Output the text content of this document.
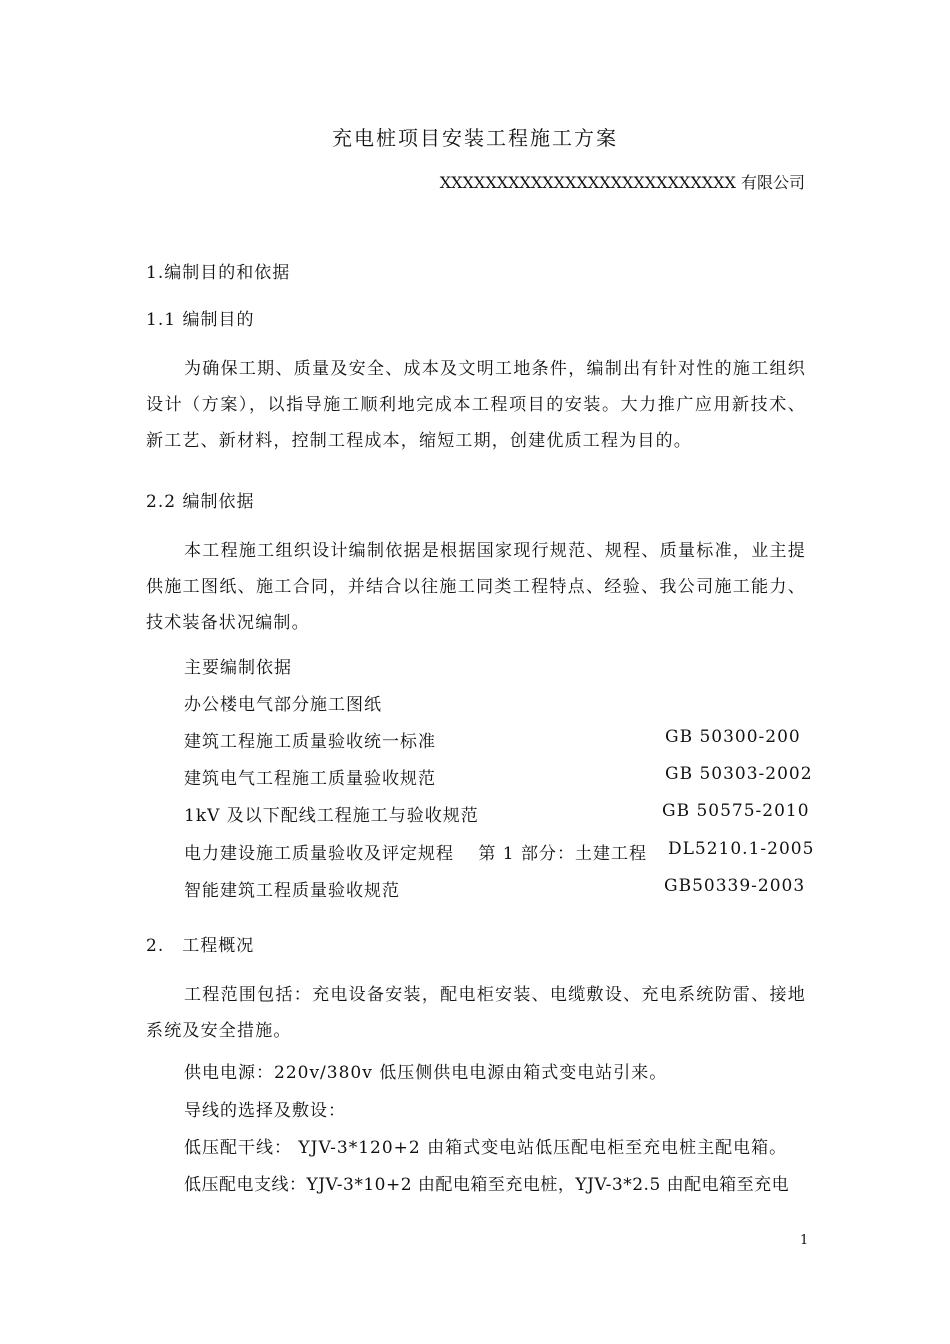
充电桩项目安装工程施工方案
XXXXXXXXXXXXXXXXXXXXXXXXXX 有限公司
1.编制目的和依据
1.1 编制目的
为确保工期、质量及安全、成本及文明工地条件，编制出有针对性的施工组织设计（方案），以指导施工顺利地完成本工程项目的安装。大力推广应用新技术、新工艺、新材料，控制工程成本，缩短工期，创建优质工程为目的。
2.2 编制依据
本工程施工组织设计编制依据是根据国家现行规范、规程、质量标准，业主提供施工图纸、施工合同，并结合以往施工同类工程特点、经验、我公司施工能力、技术装备状况编制。
主要编制依据
办公楼电气部分施工图纸
建筑工程施工质量验收统一标准	GB 50300-200
建筑电气工程施工质量验收规范	GB 50303-2002
1kV 及以下配线工程施工与验收规范	GB 50575-2010
电力建设施工质量验收及评定规程　 第 1 部分：土建工程 DL5210.1-2005
智能建筑工程质量验收规范	GB50339-2003
2.　工程概况
工程范围包括：充电设备安装，配电柜安装、电缆敷设、充电系统防雷、接地系统及安全措施。
供电电源：220v/380v 低压侧供电电源由箱式变电站引来。
导线的选择及敷设：
低压配干线： YJV-3*120+2 由箱式变电站低压配电柜至充电桩主配电箱。
低压配电支线：YJV-3*10+2 由配电箱至充电桩，YJV-3*2.5 由配电箱至充电
1
